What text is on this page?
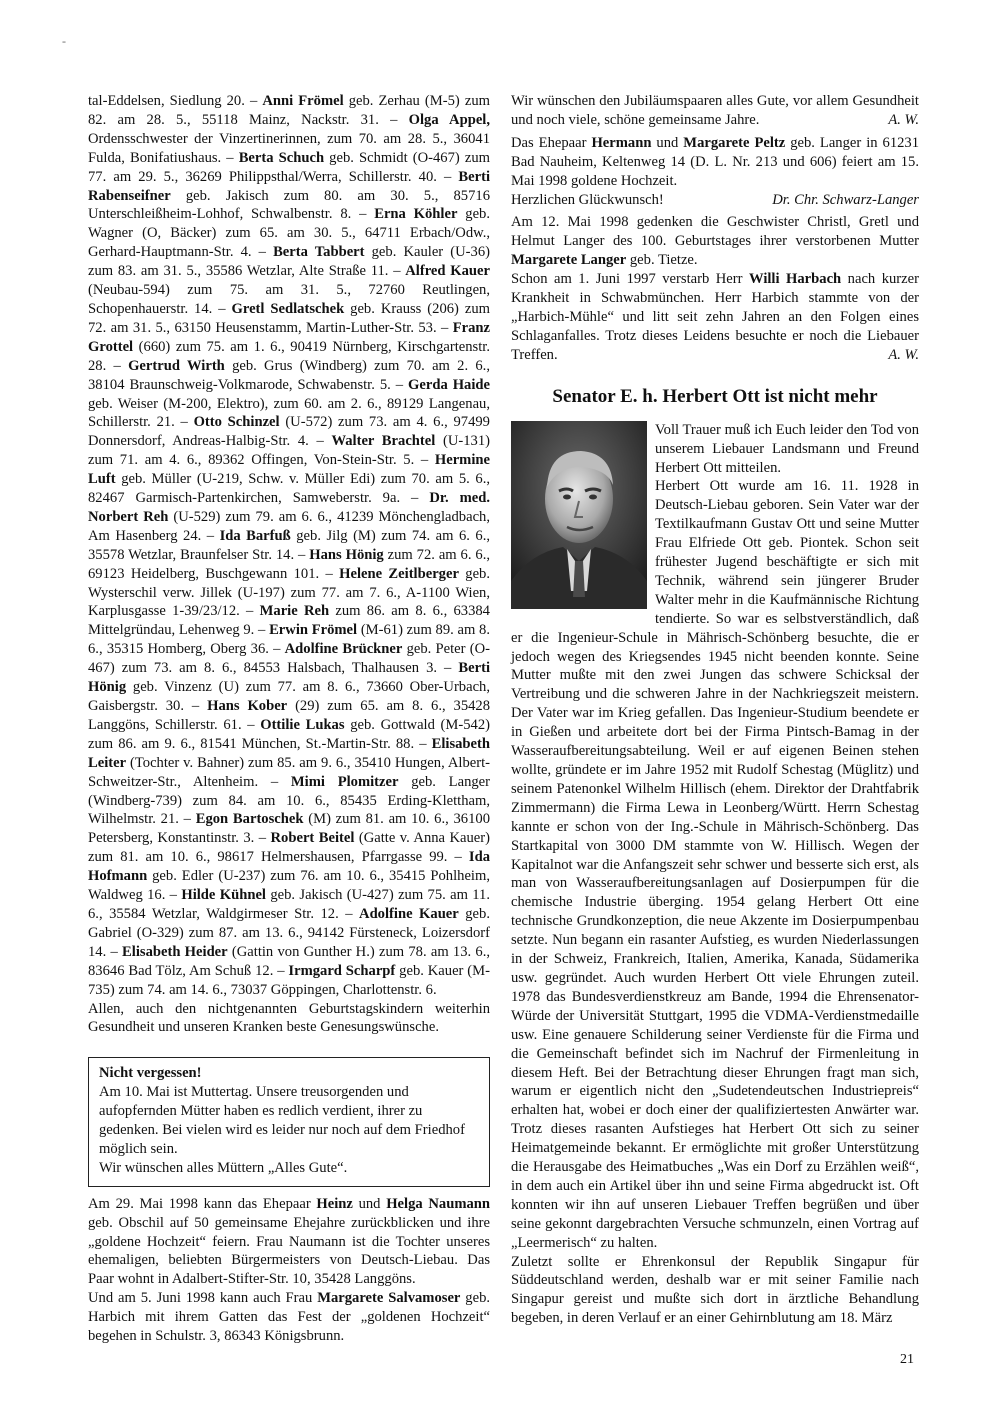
-

tal-Eddelsen, Siedlung 20. – Anni Frömel geb. Zerhau (M-5) zum 82. am 28. 5., 55118 Mainz, Nackstr. 31. – Olga Appel, Ordensschwester der Vinzertinerinnen, zum 70. am 28. 5., 36041 Fulda, Bonifatiushaus. – Berta Schuch geb. Schmidt (O-467) zum 77. am 29. 5., 36269 Philippsthal/Werra, Schillerstr. 40. – Berti Rabenseifner geb. Jakisch zum 80. am 30. 5., 85716 Unterschleißheim-Lohhof, Schwalbenstr. 8. – Erna Köhler geb. Wagner (O, Bäcker) zum 65. am 30. 5., 64711 Erbach/Odw., Gerhard-Hauptmann-Str. 4. – Berta Tabbert geb. Kauler (U-36) zum 83. am 31. 5., 35586 Wetzlar, Alte Straße 11. – Alfred Kauer (Neubau-594) zum 75. am 31. 5., 72760 Reutlingen, Schopenhauerstr. 14. – Gretl Sedlatschek geb. Krauss (206) zum 72. am 31. 5., 63150 Heusenstamm, Martin-Luther-Str. 53. – Franz Grottel (660) zum 75. am 1. 6., 90419 Nürnberg, Kirschgartenstr. 28. – Gertrud Wirth geb. Grus (Windberg) zum 70. am 2. 6., 38104 Braunschweig-Volkmarode, Schwabenstr. 5. – Gerda Haide geb. Weiser (M-200, Elektro), zum 60. am 2. 6., 89129 Langenau, Schillerstr. 21. – Otto Schinzel (U-572) zum 73. am 4. 6., 97499 Donnersdorf, Andreas-Halbig-Str. 4. – Walter Brachtel (U-131) zum 71. am 4. 6., 89362 Offingen, Von-Stein-Str. 5. – Hermine Luft geb. Müller (U-219, Schw. v. Müller Edi) zum 70. am 5. 6., 82467 Garmisch-Partenkirchen, Samweberstr. 9a. – Dr. med. Norbert Reh (U-529) zum 79. am 6. 6., 41239 Mönchengladbach, Am Hasenberg 24. – Ida Barfuß geb. Jilg (M) zum 74. am 6. 6., 35578 Wetzlar, Braunfelser Str. 14. – Hans Hönig zum 72. am 6. 6., 69123 Heidelberg, Buschgewann 101. – Helene Zeitlberger geb. Wysterschil verw. Jillek (U-197) zum 77. am 7. 6., A-1100 Wien, Karplusgasse 1-39/23/12. – Marie Reh zum 86. am 8. 6., 63384 Mittelgründau, Lehenweg 9. – Erwin Frömel (M-61) zum 89. am 8. 6., 35315 Homberg, Oberg 36. – Adolfine Brückner geb. Peter (O-467) zum 73. am 8. 6., 84553 Halsbach, Thalhausen 3. – Berti Hönig geb. Vinzenz (U) zum 77. am 8. 6., 73660 Ober-Urbach, Gaisbergstr. 30. – Hans Kober (29) zum 65. am 8. 6., 35428 Langgöns, Schillerstr. 61. – Ottilie Lukas geb. Gottwald (M-542) zum 86. am 9. 6., 81541 München, St.-Martin-Str. 88. – Elisabeth Leiter (Tochter v. Bahner) zum 85. am 9. 6., 35410 Hungen, Albert-Schweitzer-Str., Altenheim. – Mimi Plomitzer geb. Langer (Windberg-739) zum 84. am 10. 6., 85435 Erding-Klettham, Wilhelmstr. 21. – Egon Bartoschek (M) zum 81. am 10. 6., 36100 Petersberg, Konstantinstr. 3. – Robert Beitel (Gatte v. Anna Kauer) zum 81. am 10. 6., 98617 Helmershausen, Pfarrgasse 99. – Ida Hofmann geb. Edler (U-237) zum 76. am 10. 6., 35415 Pohlheim, Waldweg 16. – Hilde Kühnel geb. Jakisch (U-427) zum 75. am 11. 6., 35584 Wetzlar, Waldgirmeser Str. 12. – Adolfine Kauer geb. Gabriel (O-329) zum 87. am 13. 6., 94142 Fürsteneck, Loizersdorf 14. – Elisabeth Heider (Gattin von Gunther H.) zum 78. am 13. 6., 83646 Bad Tölz, Am Schuß 12. – Irmgard Scharpf geb. Kauer (M-735) zum 74. am 14. 6., 73037 Göppingen, Charlottenstr. 6.

Allen, auch den nichtgenannten Geburtstagskindern weiterhin Gesundheit und unseren Kranken beste Genesungswünsche.

Nicht vergessen!

Am 10. Mai ist Muttertag. Unsere treusorgenden und aufopfernden Mütter haben es redlich verdient, ihrer zu gedenken. Bei vielen wird es leider nur noch auf dem Friedhof möglich sein.

Wir wünschen alles Müttern „Alles Gute“.

Am 29. Mai 1998 kann das Ehepaar Heinz und Helga Naumann geb. Obschil auf 50 gemeinsame Ehejahre zurückblicken und ihre „goldene Hochzeit“ feiern. Frau Naumann ist die Tochter unseres ehemaligen, beliebten Bürgermeisters von Deutsch-Liebau. Das Paar wohnt in Adalbert-Stifter-Str. 10, 35428 Langgöns.

Und am 5. Juni 1998 kann auch Frau Margarete Salvamoser geb. Harbich mit ihrem Gatten das Fest der „goldenen Hochzeit“ begehen in Schulstr. 3, 86343 Königsbrunn.

Wir wünschen den Jubiläumspaaren alles Gute, vor allem Gesundheit und noch viele, schöne gemeinsame Jahre.	A. W.

Das Ehepaar Hermann und Margarete Peltz geb. Langer in 61231 Bad Nauheim, Keltenweg 14 (D. L. Nr. 213 und 606) feiert am 15. Mai 1998 goldene Hochzeit.

Herzlichen Glückwunsch!	Dr. Chr. Schwarz-Langer

Am 12. Mai 1998 gedenken die Geschwister Christl, Gretl und Helmut Langer des 100. Geburtstages ihrer verstorbenen Mutter Margarete Langer geb. Tietze.

Schon am 1. Juni 1997 verstarb Herr Willi Harbach nach kurzer Krankheit in Schwabmünchen. Herr Harbich stammte von der „Harbich-Mühle“ und litt seit zehn Jahren an den Folgen eines Schlaganfalles. Trotz dieses Leidens besuchte er noch die Liebauer Treffen.	A. W.

Senator E. h. Herbert Ott ist nicht mehr

Voll Trauer muß ich Euch leider den Tod von unserem Liebauer Landsmann und Freund Herbert Ott mitteilen.

Herbert Ott wurde am 16. 11. 1928 in Deutsch-Liebau geboren. Sein Vater war der Textilkaufmann Gustav Ott und seine Mutter Frau Elfriede Ott geb. Piontek. Schon seit frühester Jugend beschäftigte er sich mit Technik, während sein jüngerer Bruder Walter mehr in die Kaufmännische Richtung tendierte. So war es selbstverständlich, daß er die Ingenieur-Schule in Mährisch-Schönberg besuchte, die er jedoch wegen des Kriegsendes 1945 nicht beenden konnte. Seine Mutter mußte mit den zwei Jungen das schwere Schicksal der Vertreibung und die schweren Jahre in der Nachkriegszeit meistern. Der Vater war im Krieg gefallen. Das Ingenieur-Studium beendete er in Gießen und arbeitete dort bei der Firma Pintsch-Bamag in der Wasseraufbereitungsabteilung. Weil er auf eigenen Beinen stehen wollte, gründete er im Jahre 1952 mit Rudolf Schestag (Müglitz) und seinem Patenonkel Wilhelm Hillisch (ehem. Direktor der Drahtfabrik Zimmermann) die Firma Lewa in Leonberg/Württ. Herrn Schestag kannte er schon von der Ing.-Schule in Mährisch-Schönberg. Das Startkapital von 3000 DM stammte von W. Hillisch. Wegen der Kapitalnot war die Anfangszeit sehr schwer und besserte sich erst, als man von Wasseraufbereitungsanlagen auf Dosierpumpen für die chemische Industrie überging. 1954 gelang Herbert Ott eine technische Grundkonzeption, die neue Akzente im Dosierpumpenbau setzte. Nun begann ein rasanter Aufstieg, es wurden Niederlassungen in der Schweiz, Frankreich, Italien, Amerika, Kanada, Südamerika usw. gegründet. Auch wurden Herbert Ott viele Ehrungen zuteil. 1978 das Bundesverdienstkreuz am Bande, 1994 die Ehrensenator-Würde der Universität Stuttgart, 1995 die VDMA-Verdienstmedaille usw. Eine genauere Schilderung seiner Verdienste für die Firma und die Gemeinschaft befindet sich im Nachruf der Firmenleitung in diesem Heft. Bei der Betrachtung dieser Ehrungen fragt man sich, warum er eigentlich nicht den „Sudetendeutschen Industriepreis“ erhalten hat, wobei er doch einer der qualifiziertesten Anwärter war. Trotz dieses rasanten Aufstieges hat Herbert Ott sich zu seiner Heimatgemeinde bekannt. Er ermöglichte mit großer Unterstützung die Herausgabe des Heimatbuches „Was ein Dorf zu Erzählen weiß“, in dem auch ein Artikel über ihn und seine Firma abgedruckt ist. Oft konnten wir ihn auf unseren Liebauer Treffen begrüßen und über seine gekonnt dargebrachten Versuche schmunzeln, einen Vortrag auf „Leermerisch“ zu halten.

Zuletzt sollte er Ehrenkonsul der Republik Singapur für Süddeutschland werden, deshalb war er mit seiner Familie nach Singapur gereist und mußte sich dort in ärztliche Behandlung begeben, in deren Verlauf er an einer Gehirnblutung am 18. März

21
